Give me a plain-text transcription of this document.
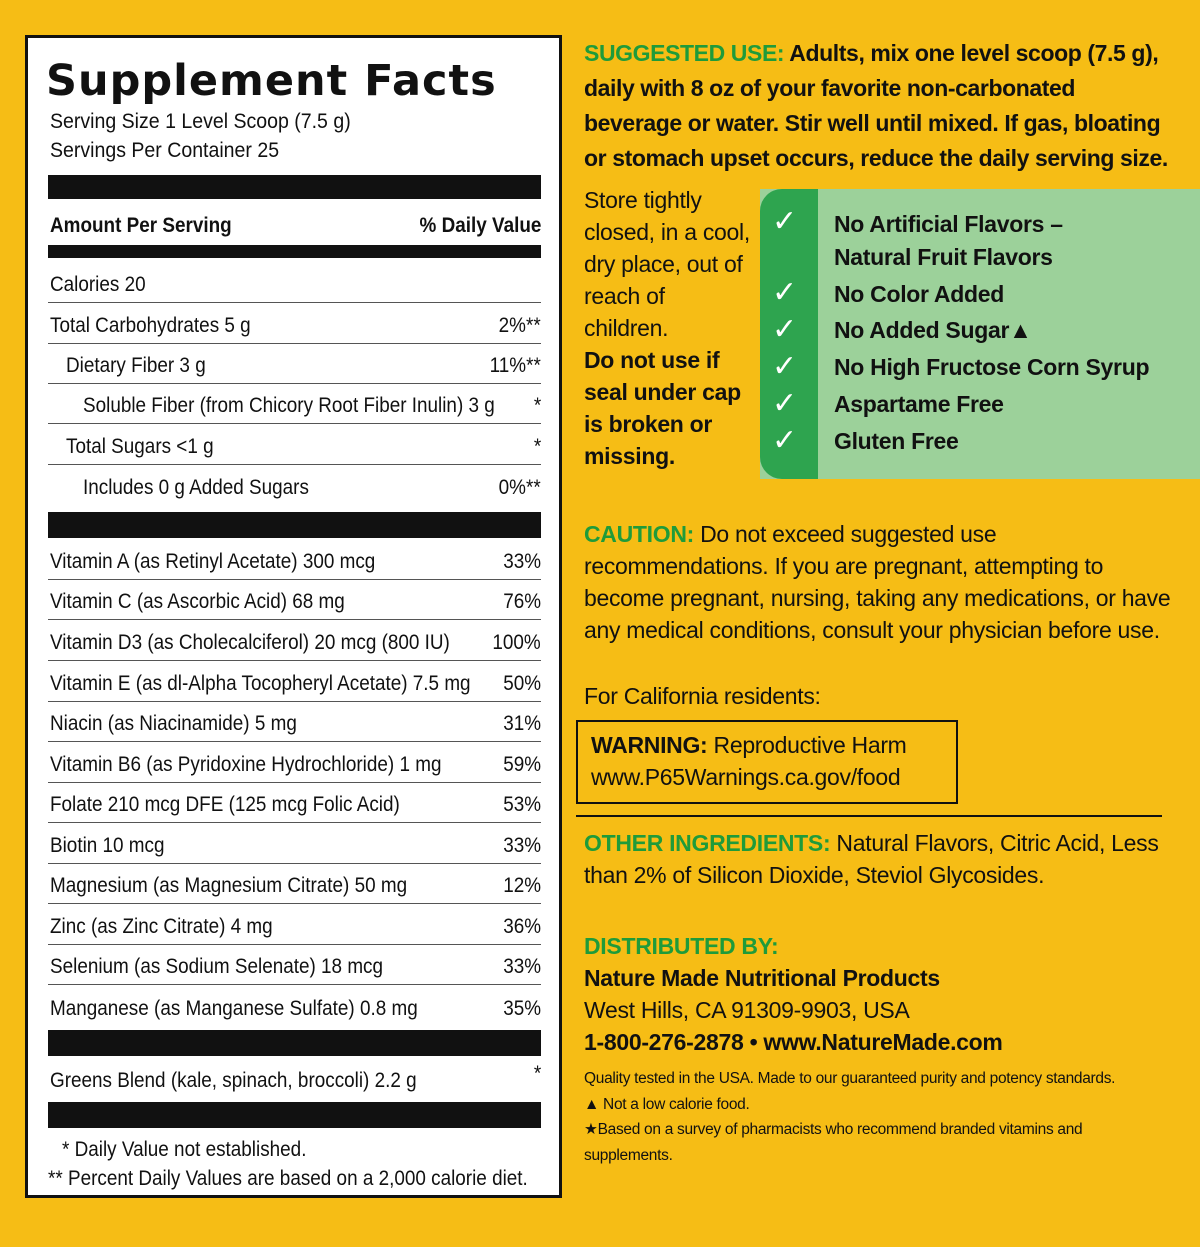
Supplement Facts
Serving Size 1 Level Scoop (7.5 g)
Servings Per Container 25
Amount Per Serving	% Daily Value
Calories 20
Total Carbohydrates 5 g	2%**
Dietary Fiber 3 g	11%**
Soluble Fiber (from Chicory Root Fiber Inulin) 3 g *
Total Sugars <1 g	*
Includes 0 g Added Sugars	0%**
Vitamin A (as Retinyl Acetate) 300 mcg	33%
Vitamin C (as Ascorbic Acid) 68 mg	76%
Vitamin D3 (as Cholecalciferol) 20 mcg (800 IU) 100%
Vitamin E (as dl-Alpha Tocopheryl Acetate) 7.5 mg 50%
Niacin (as Niacinamide) 5 mg	31%
Vitamin B6 (as Pyridoxine Hydrochloride) 1 mg	59%
Folate 210 mcg DFE (125 mcg Folic Acid)	53%
Biotin 10 mcg	33%
Magnesium (as Magnesium Citrate) 50 mg	12%
Zinc (as Zinc Citrate) 4 mg	36%
Selenium (as Sodium Selenate) 18 mcg	33%
Manganese (as Manganese Sulfate) 0.8 mg	35%
Greens Blend (kale, spinach, broccoli) 2.2 g	*
* Daily Value not established.
** Percent Daily Values are based on a 2,000 calorie diet.
SUGGESTED USE: Adults, mix one level scoop (7.5 g), daily with 8 oz of your favorite non-carbonated beverage or water. Stir well until mixed. If gas, bloating or stomach upset occurs, reduce the daily serving size.
Store tightly closed, in a cool, dry place, out of reach of children.
Do not use if seal under cap is broken or missing.
✓
✓
✓
✓
✓
✓
No Artificial Flavors –
Natural Fruit Flavors
No Color Added
No Added Sugar▲
No High Fructose Corn Syrup
Aspartame Free
Gluten Free
CAUTION: Do not exceed suggested use recommendations. If you are pregnant, attempting to become pregnant, nursing, taking any medications, or have any medical conditions, consult your physician before use.
For California residents:
WARNING: Reproductive Harm
www.P65Warnings.ca.gov/food
OTHER INGREDIENTS: Natural Flavors, Citric Acid, Less than 2% of Silicon Dioxide, Steviol Glycosides.
DISTRIBUTED BY:
Nature Made Nutritional Products
West Hills, CA 91309-9903, USA
1-800-276-2878 • www.NatureMade.com
Quality tested in the USA. Made to our guaranteed purity and potency standards.
▲ Not a low calorie food.
★Based on a survey of pharmacists who recommend branded vitamins and supplements.
